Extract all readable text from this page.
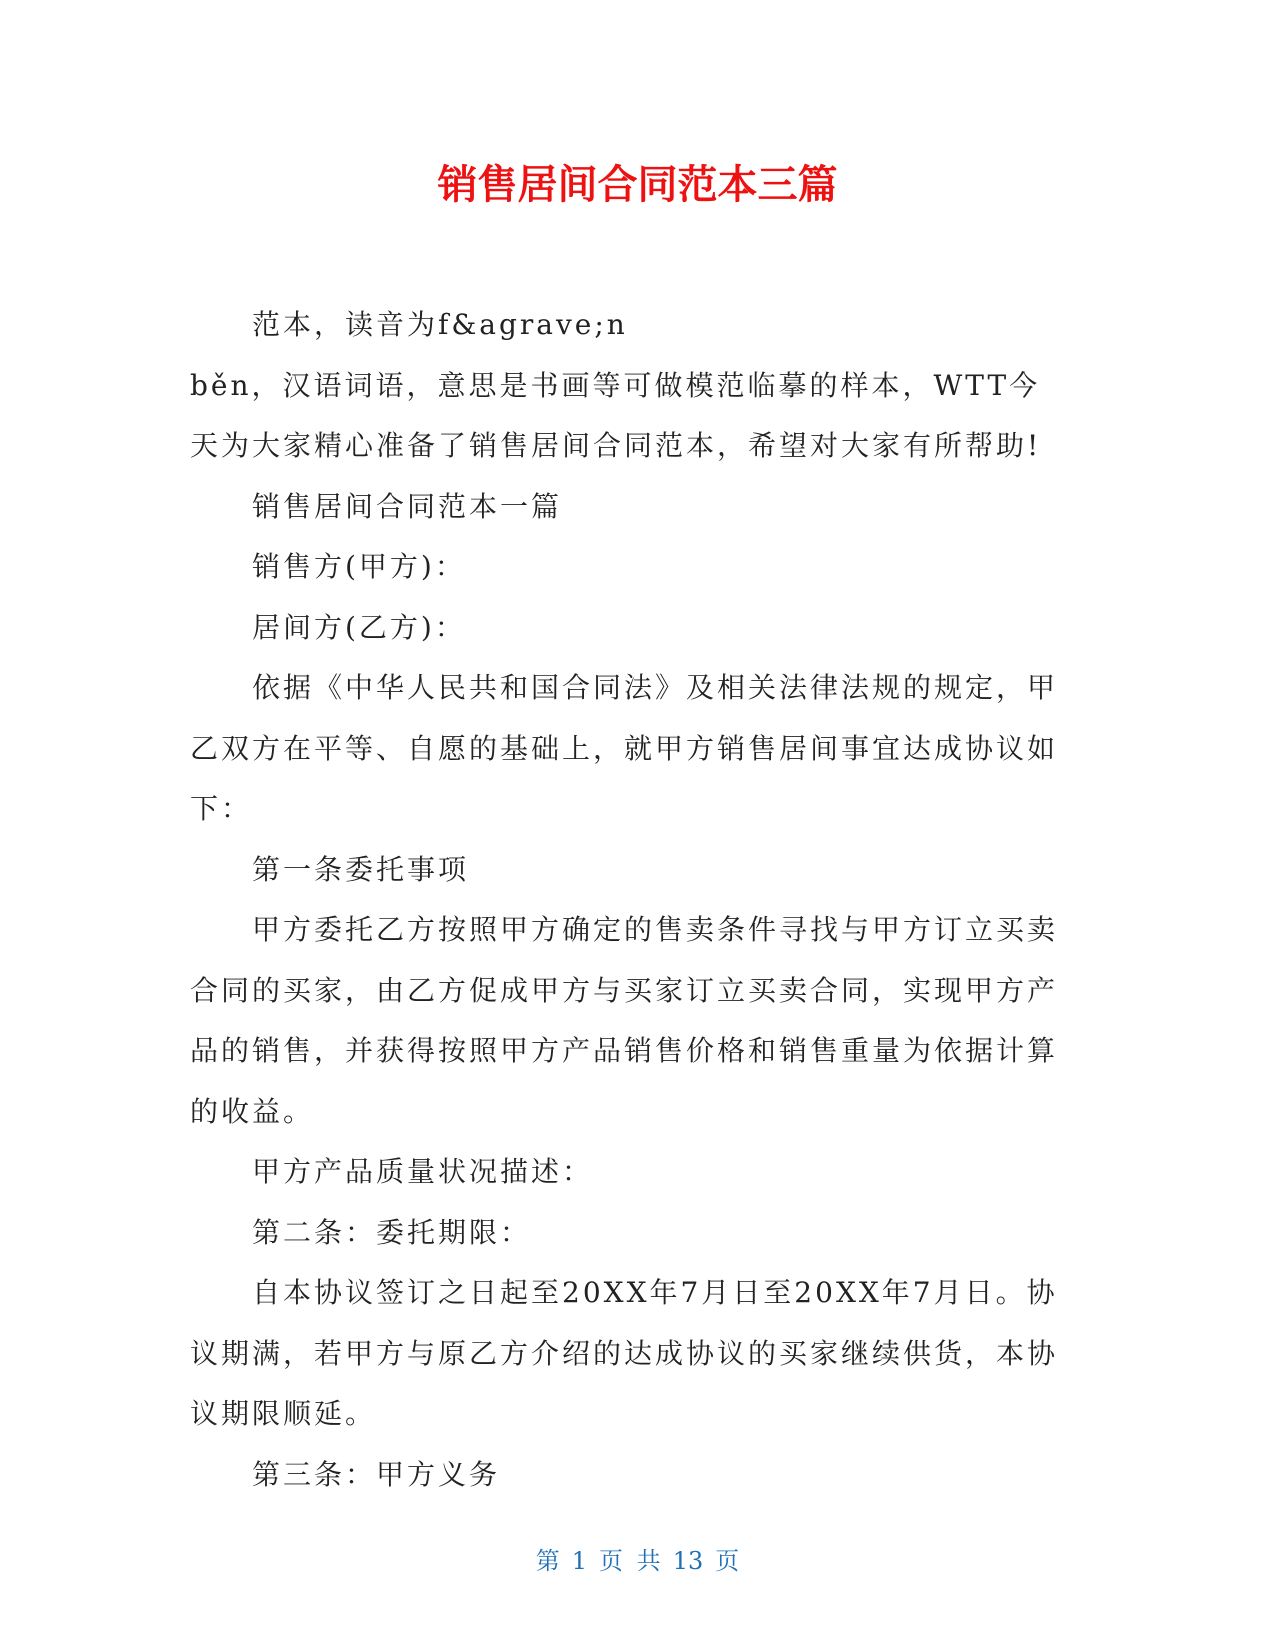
销售居间合同范本三篇

范本，读音为f&agrave;n

běn，汉语词语，意思是书画等可做模范临摹的样本，WTT今天为大家精心准备了销售居间合同范本，希望对大家有所帮助!

销售居间合同范本一篇

销售方(甲方)：

居间方(乙方)：

依据《中华人民共和国合同法》及相关法律法规的规定，甲乙双方在平等、自愿的基础上，就甲方销售居间事宜达成协议如下：

第一条委托事项

甲方委托乙方按照甲方确定的售卖条件寻找与甲方订立买卖合同的买家，由乙方促成甲方与买家订立买卖合同，实现甲方产品的销售，并获得按照甲方产品销售价格和销售重量为依据计算的收益。

甲方产品质量状况描述：

第二条：委托期限：

自本协议签订之日起至20XX年7月日至20XX年7月日。协议期满，若甲方与原乙方介绍的达成协议的买家继续供货，本协议期限顺延。

第三条：甲方义务

第 1 页 共 13 页
